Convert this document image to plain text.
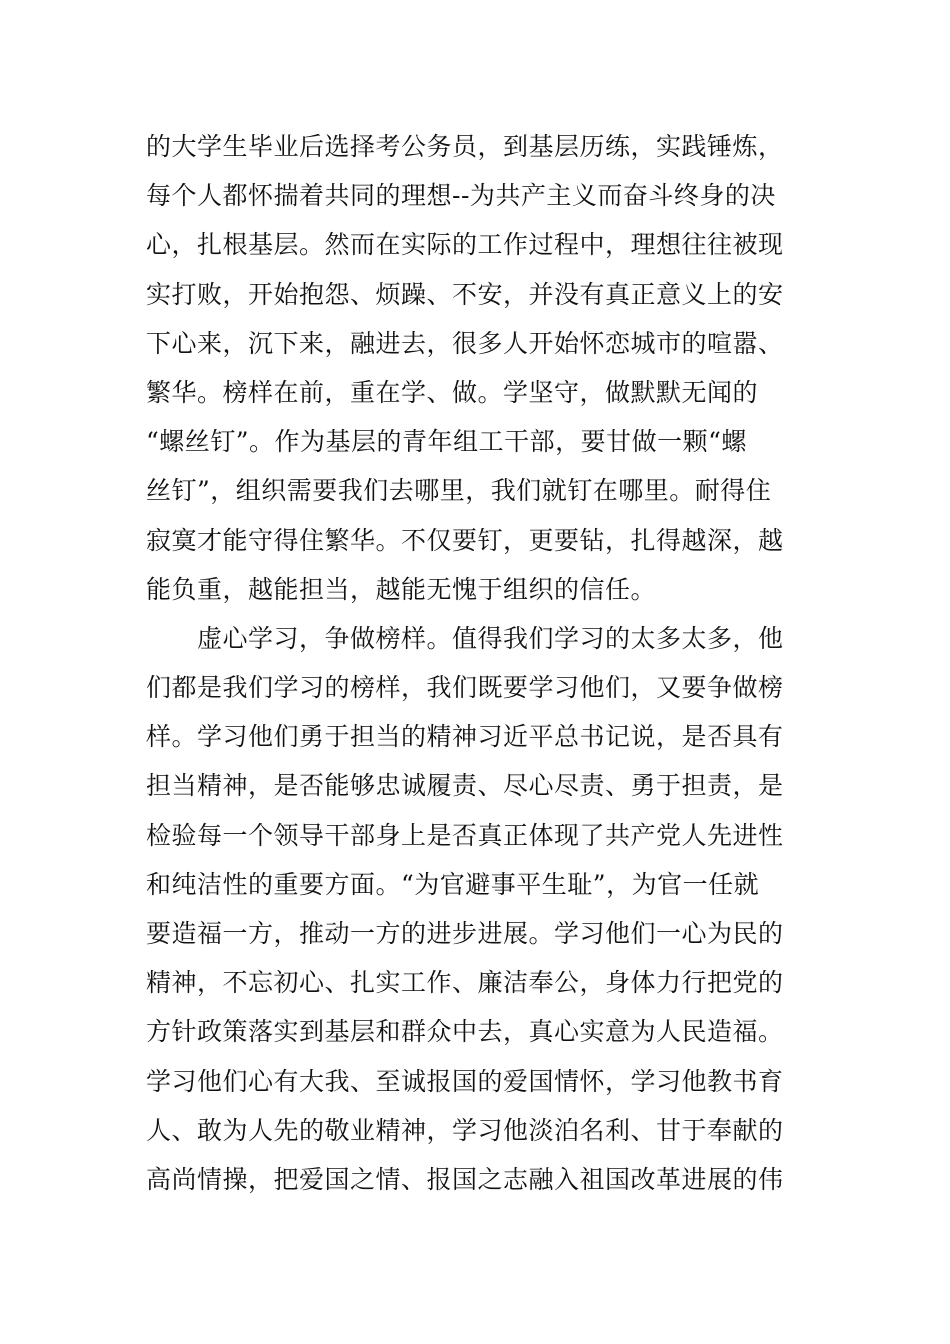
的大学生毕业后选择考公务员，到基层历练，实践锤炼，
每个人都怀揣着共同的理想--为共产主义而奋斗终身的决
心，扎根基层。然而在实际的工作过程中，理想往往被现
实打败，开始抱怨、烦躁、不安，并没有真正意义上的安
下心来，沉下来，融进去，很多人开始怀恋城市的喧嚣、
繁华。榜样在前，重在学、做。学坚守，做默默无闻的
“螺丝钉”。作为基层的青年组工干部，要甘做一颗“螺
丝钉”，组织需要我们去哪里，我们就钉在哪里。耐得住
寂寞才能守得住繁华。不仅要钉，更要钻，扎得越深，越
能负重，越能担当，越能无愧于组织的信任。
　　虚心学习，争做榜样。值得我们学习的太多太多，他
们都是我们学习的榜样，我们既要学习他们，又要争做榜
样。学习他们勇于担当的精神习近平总书记说，是否具有
担当精神，是否能够忠诚履责、尽心尽责、勇于担责，是
检验每一个领导干部身上是否真正体现了共产党人先进性
和纯洁性的重要方面。“为官避事平生耻”，为官一任就
要造福一方，推动一方的进步进展。学习他们一心为民的
精神，不忘初心、扎实工作、廉洁奉公，身体力行把党的
方针政策落实到基层和群众中去，真心实意为人民造福。
学习他们心有大我、至诚报国的爱国情怀，学习他教书育
人、敢为人先的敬业精神，学习他淡泊名利、甘于奉献的
高尚情操，把爱国之情、报国之志融入祖国改革进展的伟
